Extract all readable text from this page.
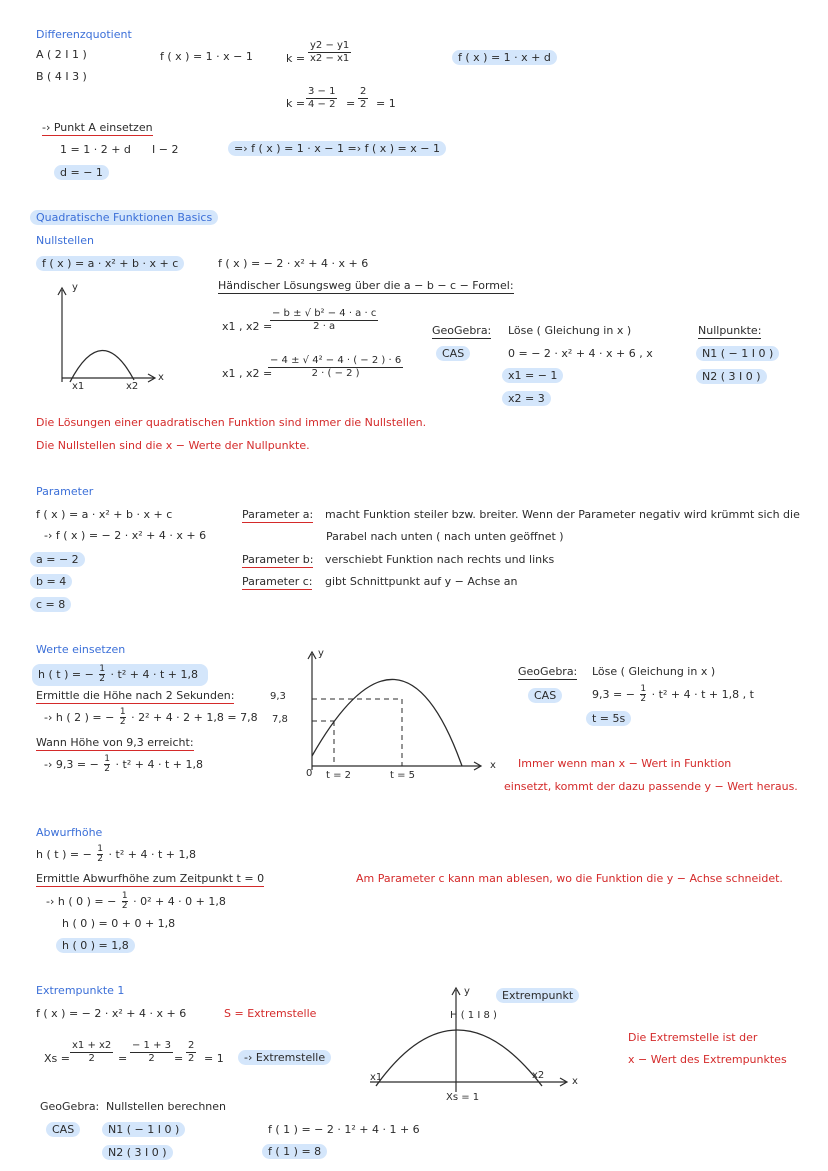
Differenzquotient
A ( 2 I 1 )
B ( 4 I 3 )
f ( x ) = 1 · x − 1	$k = \frac{y2 - y1}{x2 - x1}$
$k = \frac{3 - 1}{4 - 2} = \frac{2}{2} = 1$
f ( x ) = 1 · x + d
-› Punkt A einsetzen
1 = 1 · 2 + d I − 2	=› f ( x ) = 1 · x − 1 =› f ( x ) = x − 1
d = − 1
Quadratische Funktionen Basics
Nullstellen
f ( x ) = a · x² + b · x + c	f ( x ) = − 2 · x² + 4 · x + 6
Händischer Lösungsweg über die a − b − c − Formel:
x1 , x2 =
$\frac{\text{− b ± √ b² − 4 · a · c}}{2 \cdot a}$
x1 , x2 =
$\frac{\text{− 4 ± √ 4² − 4 · ( − 2 ) · 6}}{2 \cdot ( - 2 )}$
y
x
x1	x2
GeoGebra: Löse ( Gleichung in x )
CAS	0 = − 2 · x² + 4 · x + 6 , x
x1 = − 1
x2 = 3
Nullpunkte:
N1 ( − 1 I 0 )
N2 ( 3 I 0 )
Die Lösungen einer quadratischen Funktion sind immer die Nullstellen.
Die Nullstellen sind die x − Werte der Nullpunkte.
Parameter
f ( x ) = a · x² + b · x + c
-› f ( x ) = − 2 · x² + 4 · x + 6
a = − 2
b = 4
c = 8
Parameter a: macht Funktion steiler bzw. breiter. Wenn der Parameter negativ wird krümmt sich die
Parabel nach unten ( nach unten geöffnet )
Parameter b: verschiebt Funktion nach rechts und links
Parameter c: gibt Schnittpunkt auf y − Achse an
Werte einsetzen
h ( t ) = − $\frac{1}{2} \cdot t^2 + 4 \cdot t + 1,8$
Ermittle die Höhe nach 2 Sekunden:
-› h ( 2 ) = − $\frac{1}{2} \cdot 2^2 + 4 \cdot 2 + 1,8 = 7,8$
Wann Höhe von 9,3 erreicht:
-› 9,3 = − $\frac{1}{2} \cdot t^2 + 4 \cdot t + 1,8$
y
x
9,3
7,8
0 t = 2	t = 5
GeoGebra: Löse ( Gleichung in x )
CAS	9,3 = − $\frac{1}{2} \cdot t^2 + 4 \cdot t + 1,8$ , t
t = 5s
Immer wenn man x − Wert in Funktion
einsetzt, kommt der dazu passende y − Wert heraus.
Abwurfhöhe
h ( t ) = − $\frac{1}{2} \cdot t^2 + 4 \cdot t + 1,8$
Ermittle Abwurfhöhe zum Zeitpunkt t = 0
-› h ( 0 ) = − $\frac{1}{2} \cdot 0^2 + 4 \cdot 0 + 1,8$
h ( 0 ) = 0 + 0 + 1,8
h ( 0 ) = 1,8
Am Parameter c kann man ablesen, wo die Funktion die y − Achse schneidet.
Extrempunkte 1
f ( x ) = − 2 · x² + 4 · x + 6	S = Extremstelle
$Xs = \frac{x1 + x2}{2} = \frac{- 1 + 3}{2} = \frac{2}{2} = 1$	-› Extremstelle
y
x
H ( 1 I 8 )
x1	x2
Xs = 1
Extrempunkt
Die Extremstelle ist der
x − Wert des Extrempunktes
GeoGebra: Nullstellen berechnen
CAS	N1 ( − 1 I 0 )
N2 ( 3 I 0 )
f ( 1 ) = − 2 · 1² + 4 · 1 + 6
f ( 1 ) = 8
